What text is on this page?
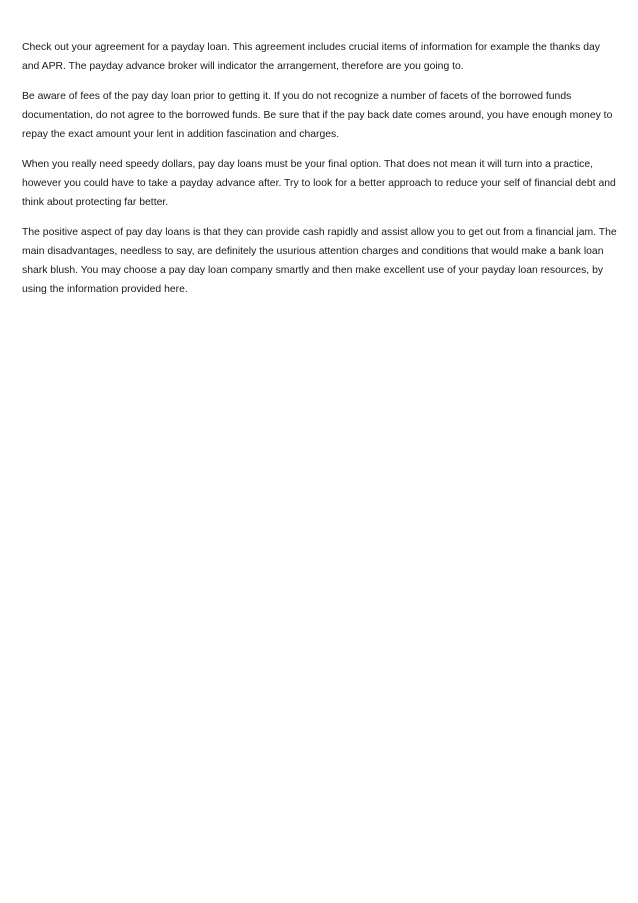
Check out your agreement for a payday loan. This agreement includes crucial items of information for example the thanks day and APR. The payday advance broker will indicator the arrangement, therefore are you going to.

Be aware of fees of the pay day loan prior to getting it. If you do not recognize a number of facets of the borrowed funds documentation, do not agree to the borrowed funds. Be sure that if the pay back date comes around, you have enough money to repay the exact amount your lent in addition fascination and charges.

When you really need speedy dollars, pay day loans must be your final option. That does not mean it will turn into a practice, however you could have to take a payday advance after. Try to look for a better approach to reduce your self of financial debt and think about protecting far better.

The positive aspect of pay day loans is that they can provide cash rapidly and assist allow you to get out from a financial jam. The main disadvantages, needless to say, are definitely the usurious attention charges and conditions that would make a bank loan shark blush. You may choose a pay day loan company smartly and then make excellent use of your payday loan resources, by using the information provided here.
